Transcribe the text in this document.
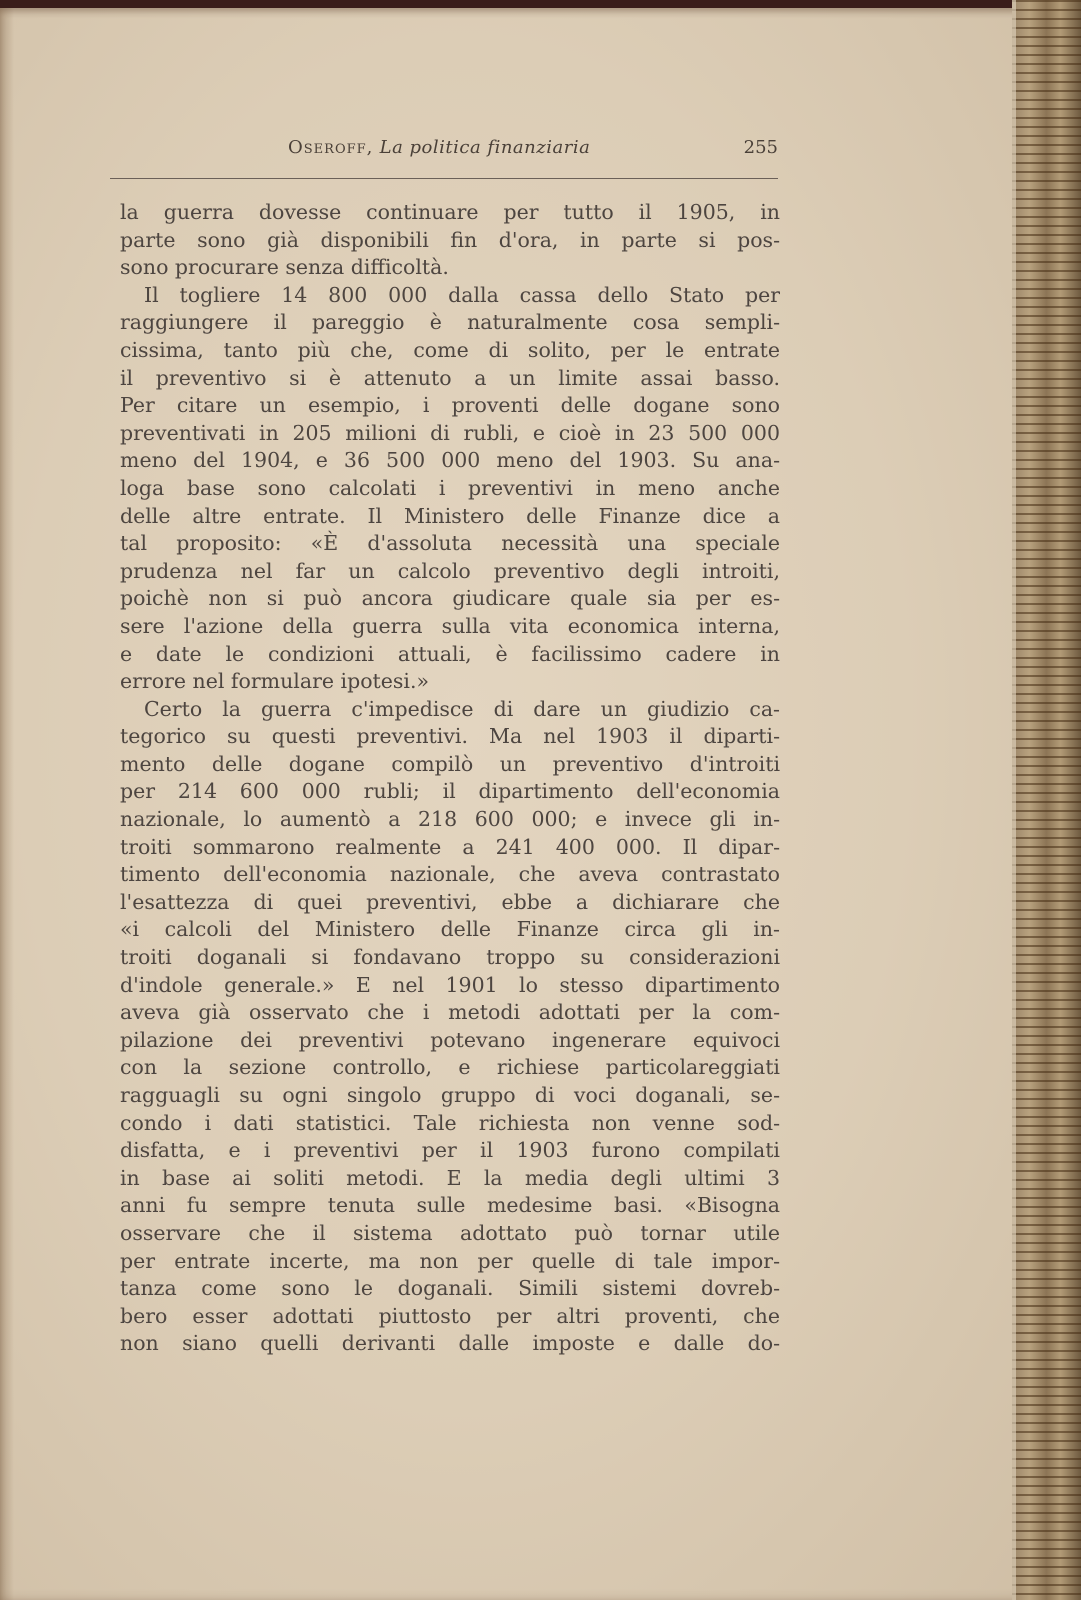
Oseroff, La politica finanziaria	255
la guerra dovesse continuare per tutto il 1905, in
parte sono già disponibili fin d'ora, in parte si pos-
sono procurare senza difficoltà.
Il togliere 14 800 000 dalla cassa dello Stato per
raggiungere il pareggio è naturalmente cosa sempli-
cissima, tanto più che, come di solito, per le entrate
il preventivo si è attenuto a un limite assai basso.
Per citare un esempio, i proventi delle dogane sono
preventivati in 205 milioni di rubli, e cioè in 23 500 000
meno del 1904, e 36 500 000 meno del 1903. Su ana-
loga base sono calcolati i preventivi in meno anche
delle altre entrate. Il Ministero delle Finanze dice a
tal proposito: «È d'assoluta necessità una speciale
prudenza nel far un calcolo preventivo degli introiti,
poichè non si può ancora giudicare quale sia per es-
sere l'azione della guerra sulla vita economica interna,
e date le condizioni attuali, è facilissimo cadere in
errore nel formulare ipotesi.»
Certo la guerra c'impedisce di dare un giudizio ca-
tegorico su questi preventivi. Ma nel 1903 il diparti-
mento delle dogane compilò un preventivo d'introiti
per 214 600 000 rubli; il dipartimento dell'economia
nazionale, lo aumentò a 218 600 000; e invece gli in-
troiti sommarono realmente a 241 400 000. Il dipar-
timento dell'economia nazionale, che aveva contrastato
l'esattezza di quei preventivi, ebbe a dichiarare che
«i calcoli del Ministero delle Finanze circa gli in-
troiti doganali si fondavano troppo su considerazioni
d'indole generale.» E nel 1901 lo stesso dipartimento
aveva già osservato che i metodi adottati per la com-
pilazione dei preventivi potevano ingenerare equivoci
con la sezione controllo, e richiese particolareggiati
ragguagli su ogni singolo gruppo di voci doganali, se-
condo i dati statistici. Tale richiesta non venne sod-
disfatta, e i preventivi per il 1903 furono compilati
in base ai soliti metodi. E la media degli ultimi 3
anni fu sempre tenuta sulle medesime basi. «Bisogna
osservare che il sistema adottato può tornar utile
per entrate incerte, ma non per quelle di tale impor-
tanza come sono le doganali. Simili sistemi dovreb-
bero esser adottati piuttosto per altri proventi, che
non siano quelli derivanti dalle imposte e dalle do-
